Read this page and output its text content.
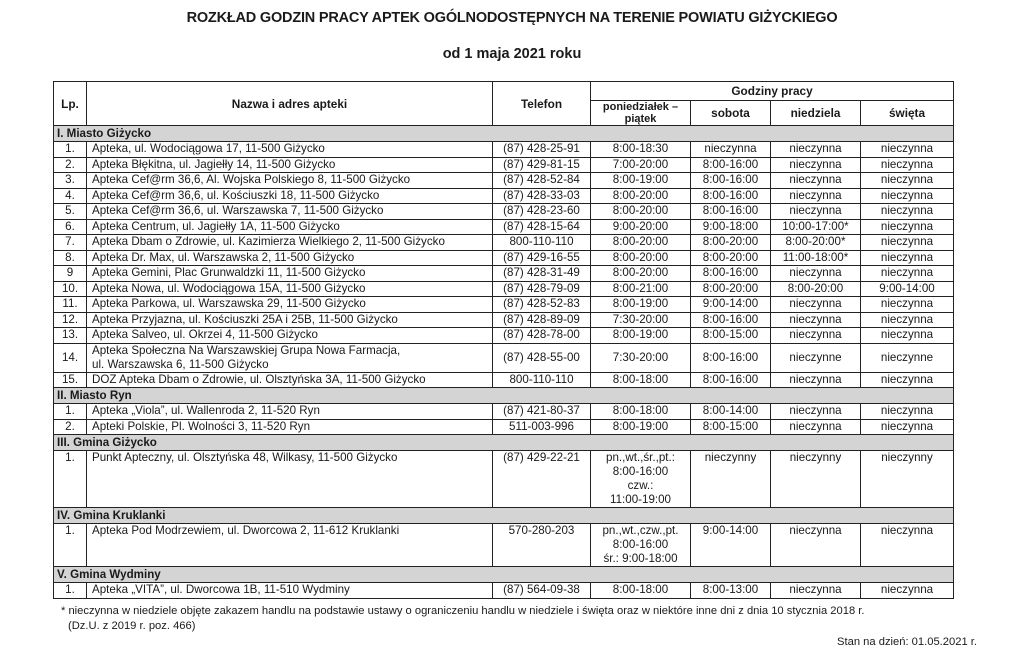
ROZKŁAD GODZIN PRACY APTEK OGÓLNODOSTĘPNYCH NA TERENIE POWIATU GIŻYCKIEGO
od 1 maja 2021 roku
Lp.	Nazwa i adres apteki	Telefon	Godziny pracy			
			poniedziałek – piątek	sobota	niedziela	święta
I. Miasto Giżycko						
1.	Apteka, ul. Wodociągowa 17, 11-500 Giżycko	(87) 428-25-91	8:00-18:30	nieczynna	nieczynna	nieczynna
2.	Apteka Błękitna, ul. Jagiełły 14, 11-500 Giżycko	(87) 429-81-15	7:00-20:00	8:00-16:00	nieczynna	nieczynna
3.	Apteka Cef@rm 36,6, Al. Wojska Polskiego 8, 11-500 Giżycko	(87) 428-52-84	8:00-19:00	8:00-16:00	nieczynna	nieczynna
4.	Apteka Cef@rm 36,6, ul. Kościuszki 18, 11-500 Giżycko	(87) 428-33-03	8:00-20:00	8:00-16:00	nieczynna	nieczynna
5.	Apteka Cef@rm 36,6, ul. Warszawska 7, 11-500 Giżycko	(87) 428-23-60	8:00-20:00	8:00-16:00	nieczynna	nieczynna
6.	Apteka Centrum, ul. Jagiełły 1A, 11-500 Giżycko	(87) 428-15-64	9:00-20:00	9:00-18:00	10:00-17:00*	nieczynna
7.	Apteka Dbam o Zdrowie, ul. Kazimierza Wielkiego 2, 11-500 Giżycko	800-110-110	8:00-20:00	8:00-20:00	8:00-20:00*	nieczynna
8.	Apteka Dr. Max, ul. Warszawska 2, 11-500 Giżycko	(87) 429-16-55	8:00-20:00	8:00-20:00	11:00-18:00*	nieczynna
9	Apteka Gemini, Plac Grunwaldzki 11, 11-500 Giżycko	(87) 428-31-49	8:00-20:00	8:00-16:00	nieczynna	nieczynna
10.	Apteka Nowa, ul. Wodociągowa 15A, 11-500 Giżycko	(87) 428-79-09	8:00-21:00	8:00-20:00	8:00-20:00	9:00-14:00
11.	Apteka Parkowa, ul. Warszawska 29, 11-500 Giżycko	(87) 428-52-83	8:00-19:00	9:00-14:00	nieczynna	nieczynna
12.	Apteka Przyjazna, ul. Kościuszki 25A i 25B, 11-500 Giżycko	(87) 428-89-09	7:30-20:00	8:00-16:00	nieczynna	nieczynna
13.	Apteka Salveo, ul. Okrzei 4, 11-500 Giżycko	(87) 428-78-00	8:00-19:00	8:00-15:00	nieczynna	nieczynna
14.	Apteka Społeczna Na Warszawskiej Grupa Nowa Farmacja,
ul. Warszawska 6, 11-500 Giżycko	(87) 428-55-00	7:30-20:00	8:00-16:00	nieczynne	nieczynne
15.	DOZ Apteka Dbam o Zdrowie, ul. Olsztyńska 3A, 11-500 Giżycko	800-110-110	8:00-18:00	8:00-16:00	nieczynna	nieczynna
II. Miasto Ryn						
1.	Apteka „Viola”, ul. Wallenroda 2, 11-520 Ryn	(87) 421-80-37	8:00-18:00	8:00-14:00	nieczynna	nieczynna
2.	Apteki Polskie, Pl. Wolności 3, 11-520 Ryn	511-003-996	8:00-19:00	8:00-15:00	nieczynna	nieczynna
III. Gmina Giżycko						
1.	Punkt Apteczny, ul. Olsztyńska 48, Wilkasy, 11-500 Giżycko	(87) 429-22-21	pn.,wt.,śr.,pt.:
8:00-16:00
czw.:
11:00-19:00	nieczynny	nieczynny	nieczynny
IV. Gmina Kruklanki						
1.	Apteka Pod Modrzewiem, ul. Dworcowa 2, 11-612 Kruklanki	570-280-203	pn.,wt.,czw.,pt.
8:00-16:00
śr.: 9:00-18:00	9:00-14:00	nieczynna	nieczynna
V. Gmina Wydminy						
1.	Apteka „VITA”, ul. Dworcowa 1B, 11-510 Wydminy	(87) 564-09-38	8:00-18:00	8:00-13:00	nieczynna	nieczynna
* nieczynna w niedziele objęte zakazem handlu na podstawie ustawy o ograniczeniu handlu w niedziele i święta oraz w niektóre inne dni z dnia 10 stycznia 2018 r.
(Dz.U. z 2019 r. poz. 466)
Stan na dzień: 01.05.2021 r.
